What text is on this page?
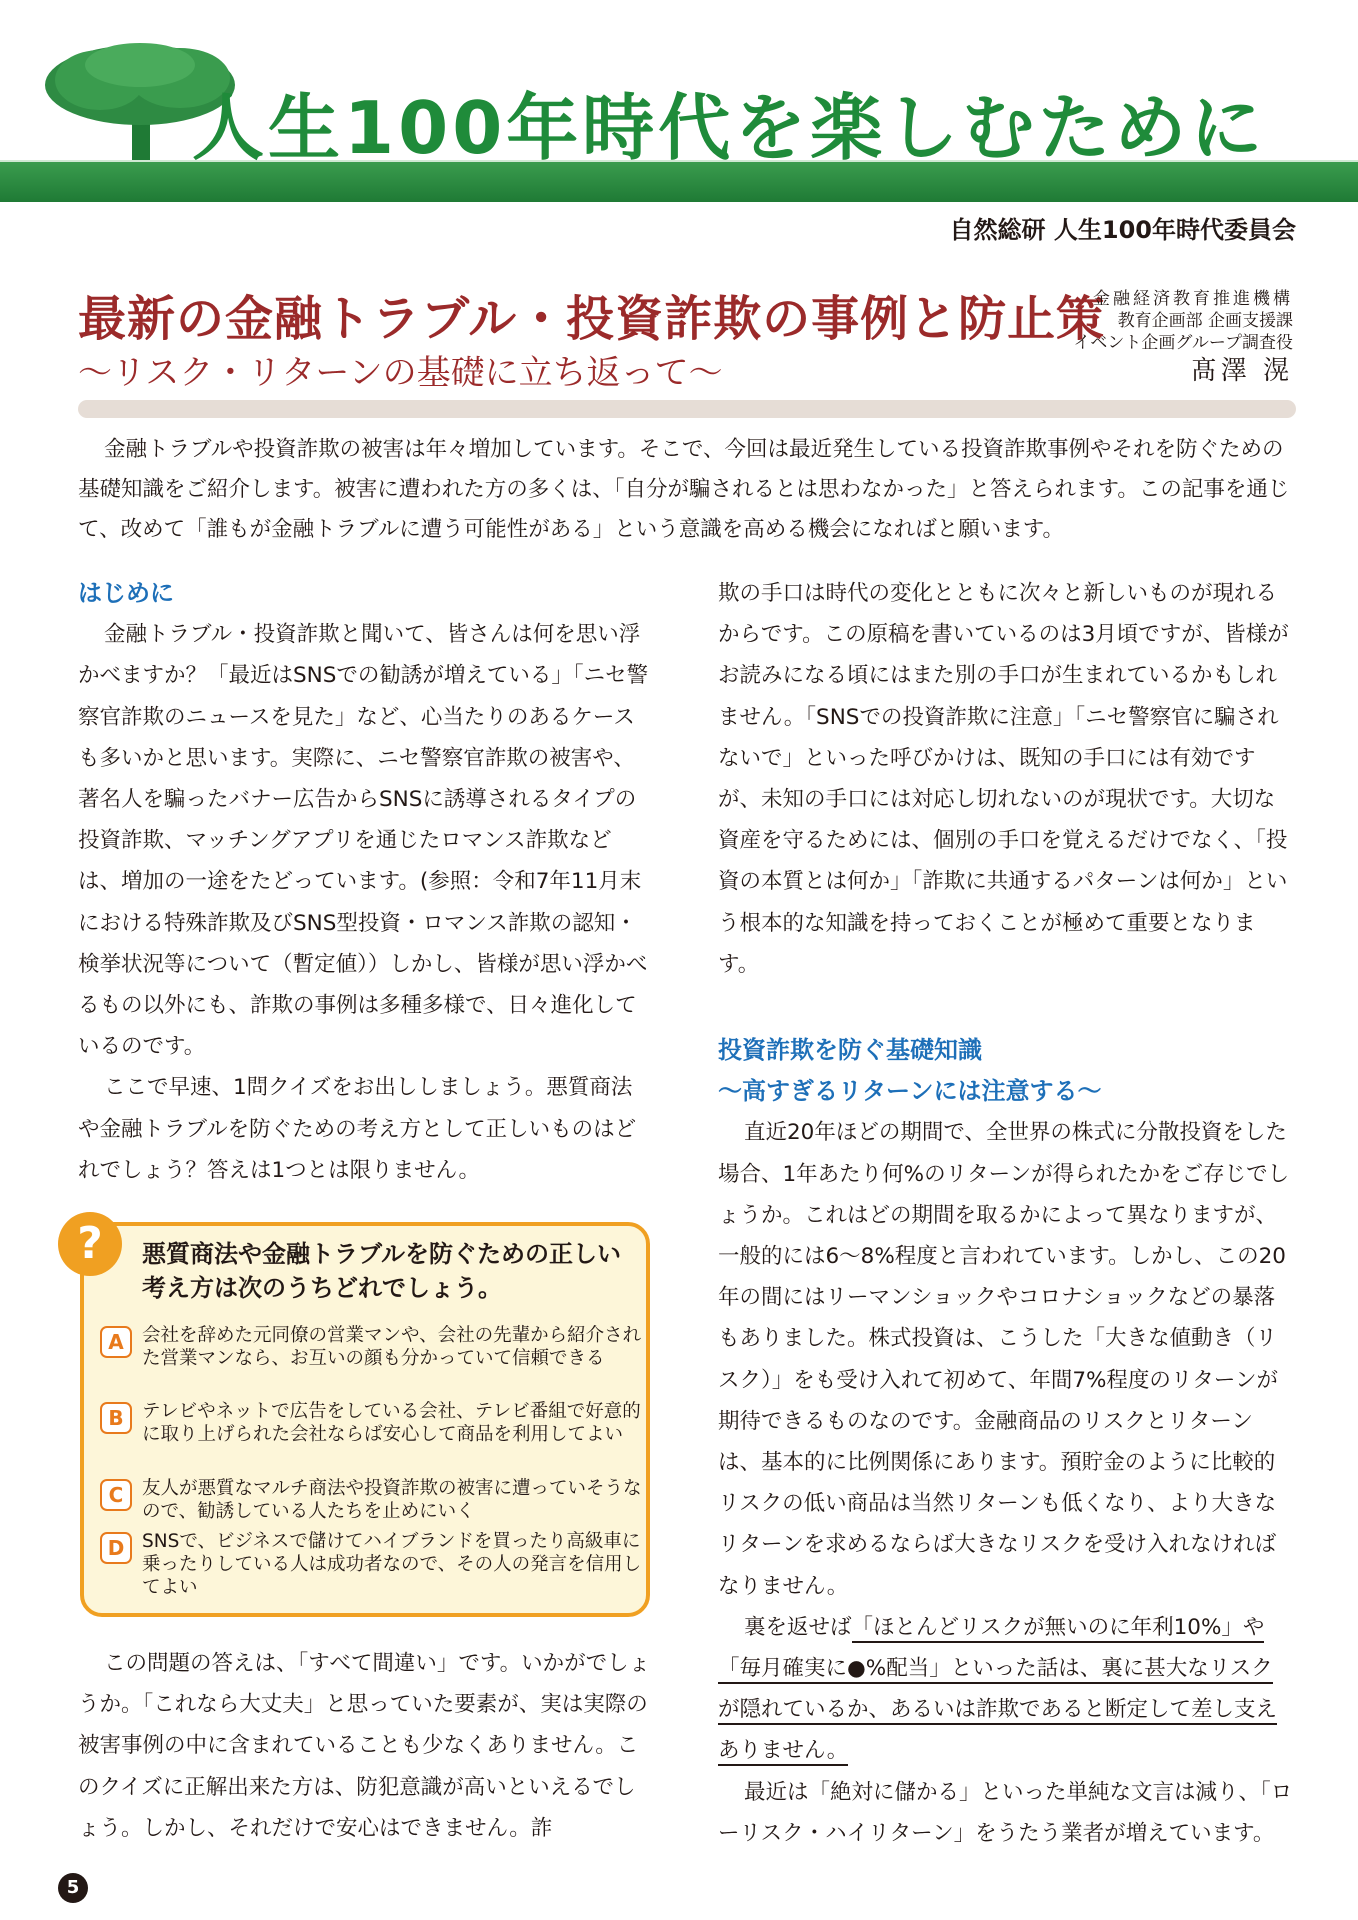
人生100年時代を楽しむために
自然総研 人生100年時代委員会
最新の金融トラブル・投資詐欺の事例と防止策
〜リスク・リターンの基礎に立ち返って〜
金融経済教育推進機構
教育企画部 企画支援課
イベント企画グループ調査役
髙澤 滉
金融トラブルや投資詐欺の被害は年々増加しています。そこで、今回は最近発生している投資詐欺事例やそれを防ぐための基礎知識をご紹介します。被害に遭われた方の多くは、「自分が騙されるとは思わなかった」と答えられます。この記事を通じて、改めて「誰もが金融トラブルに遭う可能性がある」という意識を高める機会になればと願います。
はじめに

金融トラブル・投資詐欺と聞いて、皆さんは何を思い浮かべますか？「最近はSNSでの勧誘が増えている」「ニセ警察官詐欺のニュースを見た」など、心当たりのあるケースも多いかと思います。実際に、ニセ警察官詐欺の被害や、著名人を騙ったバナー広告からSNSに誘導されるタイプの投資詐欺、マッチングアプリを通じたロマンス詐欺などは、増加の一途をたどっています。(参照：令和7年11月末における特殊詐欺及びSNS型投資・ロマンス詐欺の認知・検挙状況等について（暫定値））しかし、皆様が思い浮かべるもの以外にも、詐欺の事例は多種多様で、日々進化しているのです。

ここで早速、1問クイズをお出ししましょう。悪質商法や金融トラブルを防ぐための考え方として正しいものはどれでしょう？答えは1つとは限りません。

?	悪質商法や金融トラブルを防ぐための正しい考え方は次のうちどれでしょう。
A 会社を辞めた元同僚の営業マンや、会社の先輩から紹介された営業マンなら、お互いの顔も分かっていて信頼できる
B テレビやネットで広告をしている会社、テレビ番組で好意的に取り上げられた会社ならば安心して商品を利用してよい
C	友人が悪質なマルチ商法や投資詐欺の被害に遭っていそうなので、勧誘している人たちを止めにいく
D SNSで、ビジネスで儲けてハイブランドを買ったり高級車に乗ったりしている人は成功者なので、その人の発言を信用してよい

この問題の答えは、「すべて間違い」です。いかがでしょうか。「これなら大丈夫」と思っていた要素が、実は実際の被害事例の中に含まれていることも少なくありません。このクイズに正解出来た方は、防犯意識が高いといえるでしょう。しかし、それだけで安心はできません。詐

欺の手口は時代の変化とともに次々と新しいものが現れるからです。この原稿を書いているのは3月頃ですが、皆様がお読みになる頃にはまた別の手口が生まれているかもしれません。「SNSでの投資詐欺に注意」「ニセ警察官に騙されないで」といった呼びかけは、既知の手口には有効ですが、未知の手口には対応し切れないのが現状です。大切な資産を守るためには、個別の手口を覚えるだけでなく、「投資の本質とは何か」「詐欺に共通するパターンは何か」という根本的な知識を持っておくことが極めて重要となります。

投資詐欺を防ぐ基礎知識
〜高すぎるリターンには注意する〜

直近20年ほどの期間で、全世界の株式に分散投資をした場合、1年あたり何%のリターンが得られたかをご存じでしょうか。これはどの期間を取るかによって異なりますが、一般的には6〜8%程度と言われています。しかし、この20年の間にはリーマンショックやコロナショックなどの暴落もありました。株式投資は、こうした「大きな値動き（リスク）」をも受け入れて初めて、年間7%程度のリターンが期待できるものなのです。金融商品のリスクとリターンは、基本的に比例関係にあります。預貯金のように比較的リスクの低い商品は当然リターンも低くなり、より大きなリターンを求めるならば大きなリスクを受け入れなければなりません。

裏を返せば「ほとんどリスクが無いのに年利10%」や「毎月確実に●%配当」といった話は、裏に甚大なリスクが隠れているか、あるいは詐欺であると断定して差し支えありません。

最近は「絶対に儲かる」といった単純な文言は減り、「ローリスク・ハイリターン」をうたう業者が増えています。

5
